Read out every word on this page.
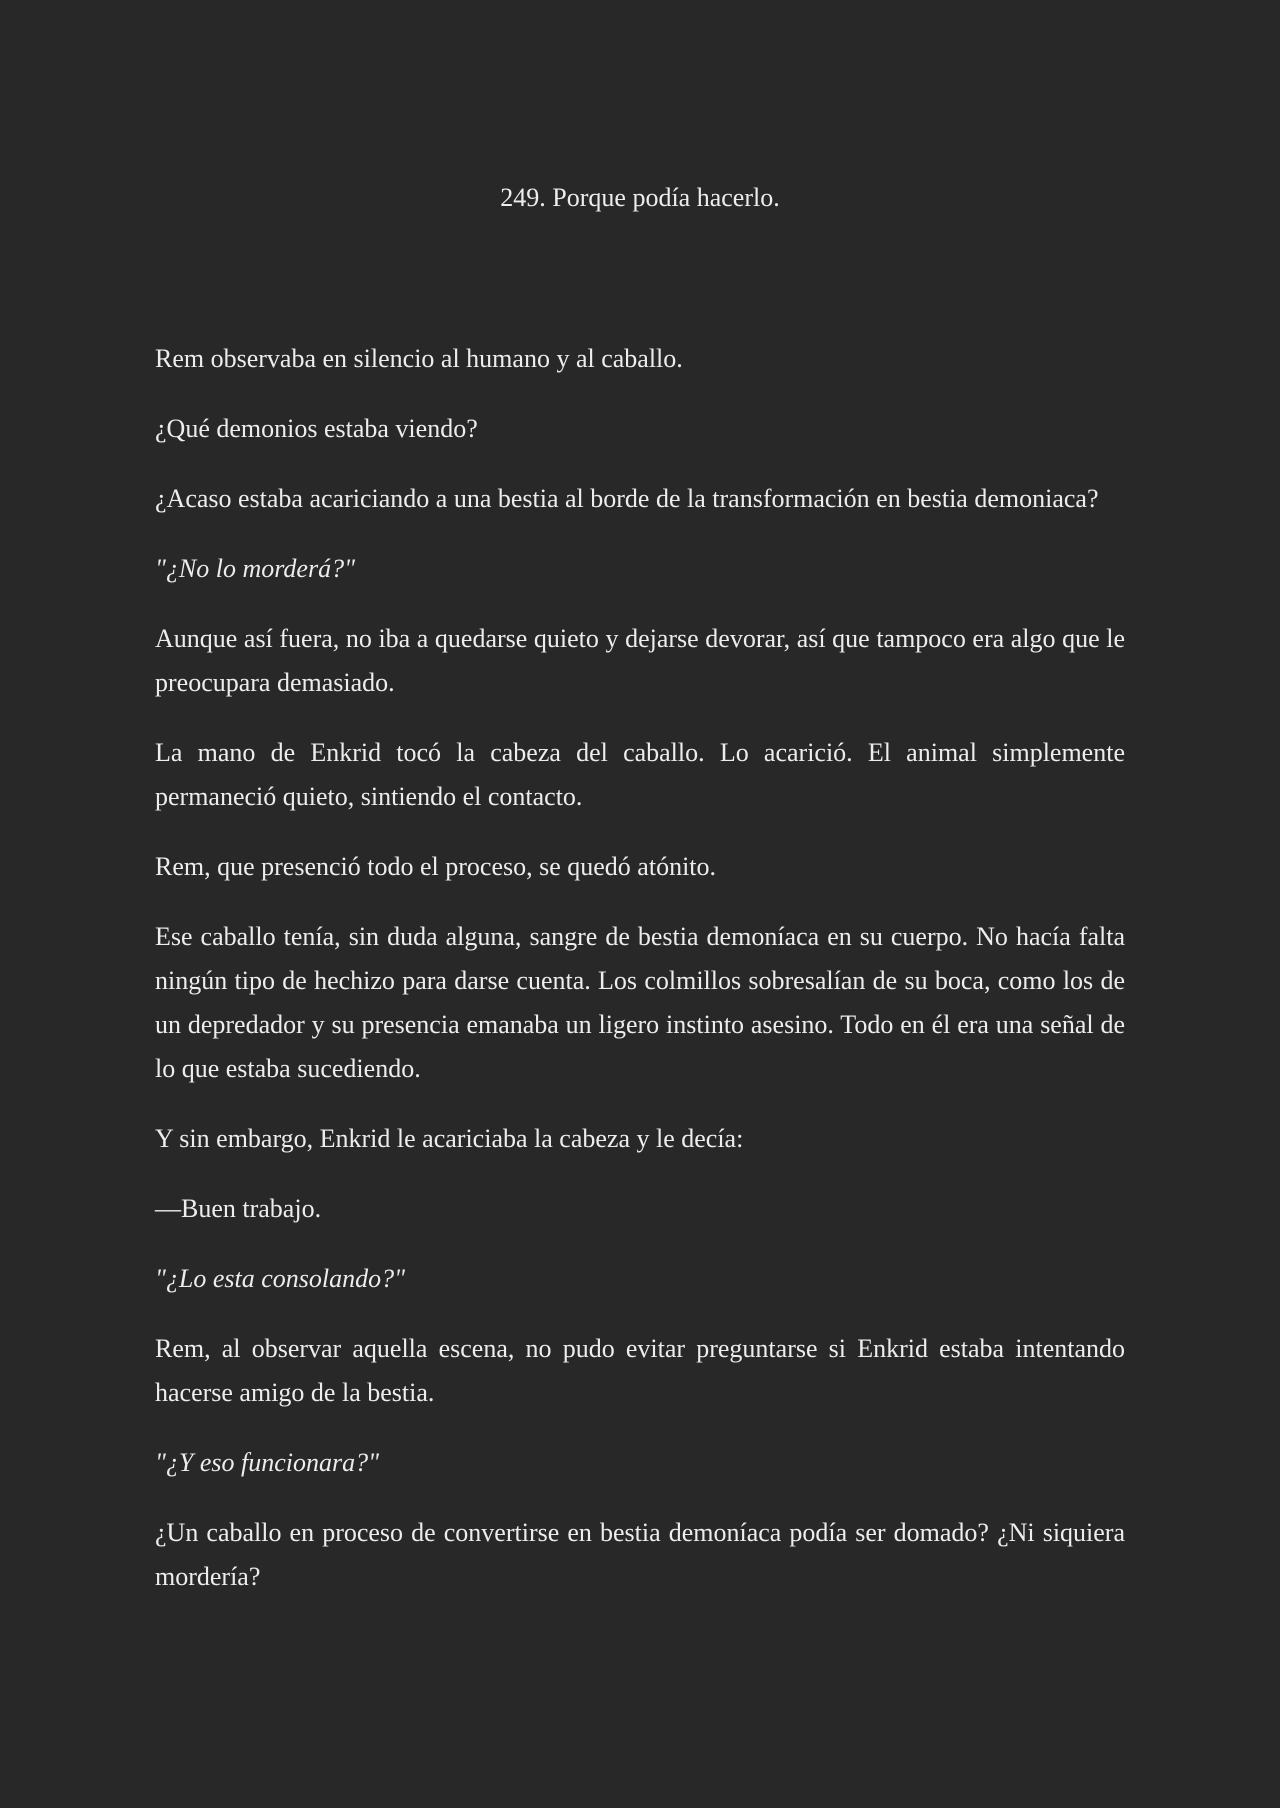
249. Porque podía hacerlo.

Rem observaba en silencio al humano y al caballo.

¿Qué demonios estaba viendo?

¿Acaso estaba acariciando a una bestia al borde de la transformación en bestia demoniaca?

"¿No lo morderá?"

Aunque así fuera, no iba a quedarse quieto y dejarse devorar, así que tampoco era algo que le preocupara demasiado.

La mano de Enkrid tocó la cabeza del caballo. Lo acarició. El animal simplemente permaneció quieto, sintiendo el contacto.

Rem, que presenció todo el proceso, se quedó atónito.

Ese caballo tenía, sin duda alguna, sangre de bestia demoníaca en su cuerpo. No hacía falta ningún tipo de hechizo para darse cuenta. Los colmillos sobresalían de su boca, como los de un depredador y su presencia emanaba un ligero instinto asesino. Todo en él era una señal de lo que estaba sucediendo.

Y sin embargo, Enkrid le acariciaba la cabeza y le decía:

—Buen trabajo.

"¿Lo esta consolando?"

Rem, al observar aquella escena, no pudo evitar preguntarse si Enkrid estaba intentando hacerse amigo de la bestia.

"¿Y eso funcionara?"

¿Un caballo en proceso de convertirse en bestia demoníaca podía ser domado? ¿Ni siquiera mordería?
